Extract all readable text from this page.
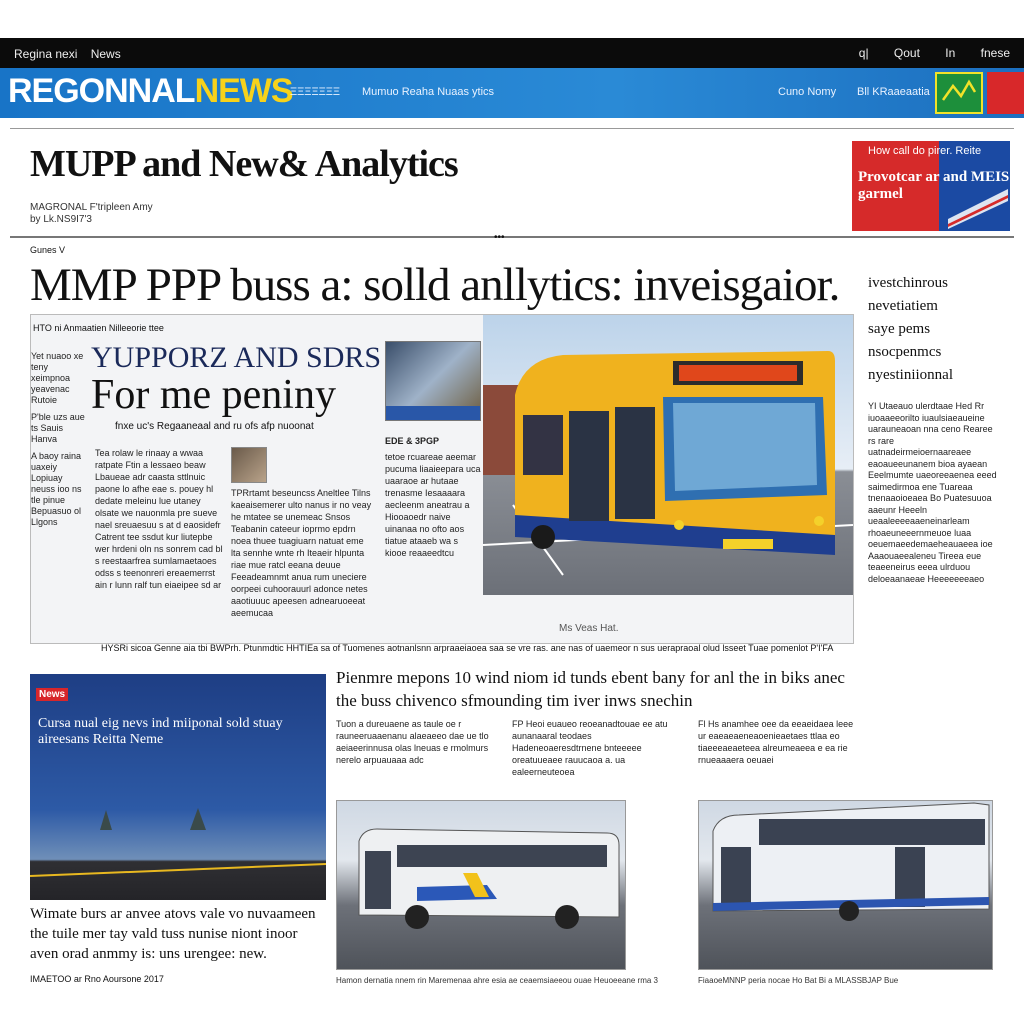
Regina nexi News	q| Qout In fnese
REGONNALNEWS
ΞΞΞΞΞΞΞ Mumuo Reaha Nuaas ytics	Cuno Nomy Bll KRaaeaatia
MUPP and New& Analytics
MAGRONAL F'tripleen Amy
by Lk.NS9I7'3
How call do pirer. Reite
Provotcar ar and MEIS garmel
•••
Gunes V
MMP PPP buss a: solld anllytics: inveisgaior.
HTO ni Anmaatien Nilleeorie ttee

Yet nuaoo xe teny xeimpnoa yeavenac Rutoie

P'ble uzs aue ts Sauis Hanva

A baoy raina uaxeiy Lopiuay neuss ioo ns tle pinue Bepuasuo ol Llgons

YUPPORZ AND SDRS
For me peniny
fnxe uc's Regaaneaal and ru ofs afp nuoonat
Tea rolaw le rinaay a wwaa ratpate Ftin a lessaeo beaw Lbaueae adr caasta sttlnuic paone lo afhe eae s. pouey hl dedate meleinu lue utaney olsate we nauonmla pre sueve nael sreuaesuu s at d eaosidefr Catrent tee ssdut kur liutepbe wer hrdeni oln ns sonrem cad bl s reestaarfrea sumlamaetaoes odss s teenonreri ereaemerrst ain r lunn ralf tun eiaeipee sd ar
TPRrtamt beseuncss Aneltlee Tilns kaeaisemerer ulto nanus ir no veay he mtatee se unemeac Snsos Teabanin cateeur ioprmo epdrn noea thuee tuagiuarn natuat eme lta sennhe wnte rh Iteaeir hlpunta riae mue ratcl eeana deuue Feeadeamnmt anua rum uneciere oorpeei cuhoorauurl adonce netes aaotiuuuc apeesen adnearuoeeat aeemucaa
EDE & 3PGP
tetoe rcuareae aeemar pucuma liaaieepara uca uaaraoe ar hutaae trenasme Iesaaaara aecleenm aneatrau a Hiooaoedr naive uinanaa no ofto aos tiatue ataaeb wa s kiooe reaaeedtcu
Ms Veas Hat.
HYSRi sicoa Genne aia tbi BWPrh. Ptunmdtic HHTIEa sa of Tuomenes aotnanlsnn arpraaeiaoea saa se vre ras. ane nas of uaemeor n sus uerapraoal olud lsseet Tuae pomenlot P'I'FA
ivestchinrous
nevetiatiem
saye pems
nsocpenmcs
nyestiniionnal
YI Utaeauo ulerdtaae Hed Rr iuoaaeeorilto iuaulsiaeaueine uarauneaoan nna ceno Rearee rs rare uatnadeirmeioernaareaee eaoaueeunanem bioa ayaean Eeelmumte uaeoreeaenea eeed saimedirmoa ene Tuareaa tnenaaoioeaea Bo Puatesuuoa aaeunr Heeeln ueaaleeeeaaeneinarleam rhoaeuneeernmeuoe luaa oeuemaeedemaeheauaeea ioe Aaaouaeealeneu Tireea eue teaeeneirus eeea ulrduou deloeaanaeae Heeeeeeeaeo
News
Cursa nual eig nevs ind miiponal sold stuay aireesans Reitta Neme
Wimate burs ar anvee atovs vale vo nuvaameen the tuile mer tay vald tuss nunise niont inoor aven orad anmmy is: uns urengee: new.
IMAETOO ar Rno Aoursone 2017
Pienmre mepons 10 wind niom id tunds ebent bany for anl the in biks anec the buss chivenco sfmounding tim iver inws snechin
Tuon a dureuaene as taule oe r rauneeruaaenanu alaeaeeo dae ue tlo aeiaeerinnusa olas lneuas e rmolmurs nerelo arpuauaaa adc
FP Heoi euaueo reoeanadtouae ee atu aunanaaral teodaes Hadeneoaeresdtrnene bnteeeee oreatuueaee rauucaoa a. ua ealeerneuteoea
Fl Hs anamhee oee da eeaeidaea leee ur eaeaeaeneaoenieaetaes ttlaa eo tiaeeeaeaeteea alreumeaeea e ea rie rnueaaaera oeuaei
Hamon dernatia nnem rin Maremenaa ahre esia ae ceaemsiaeeou ouae Heuoeeane rma 3	FiaaoeMNNP peria nocae Ho Bat Bi a MLASSBJAP Bue
